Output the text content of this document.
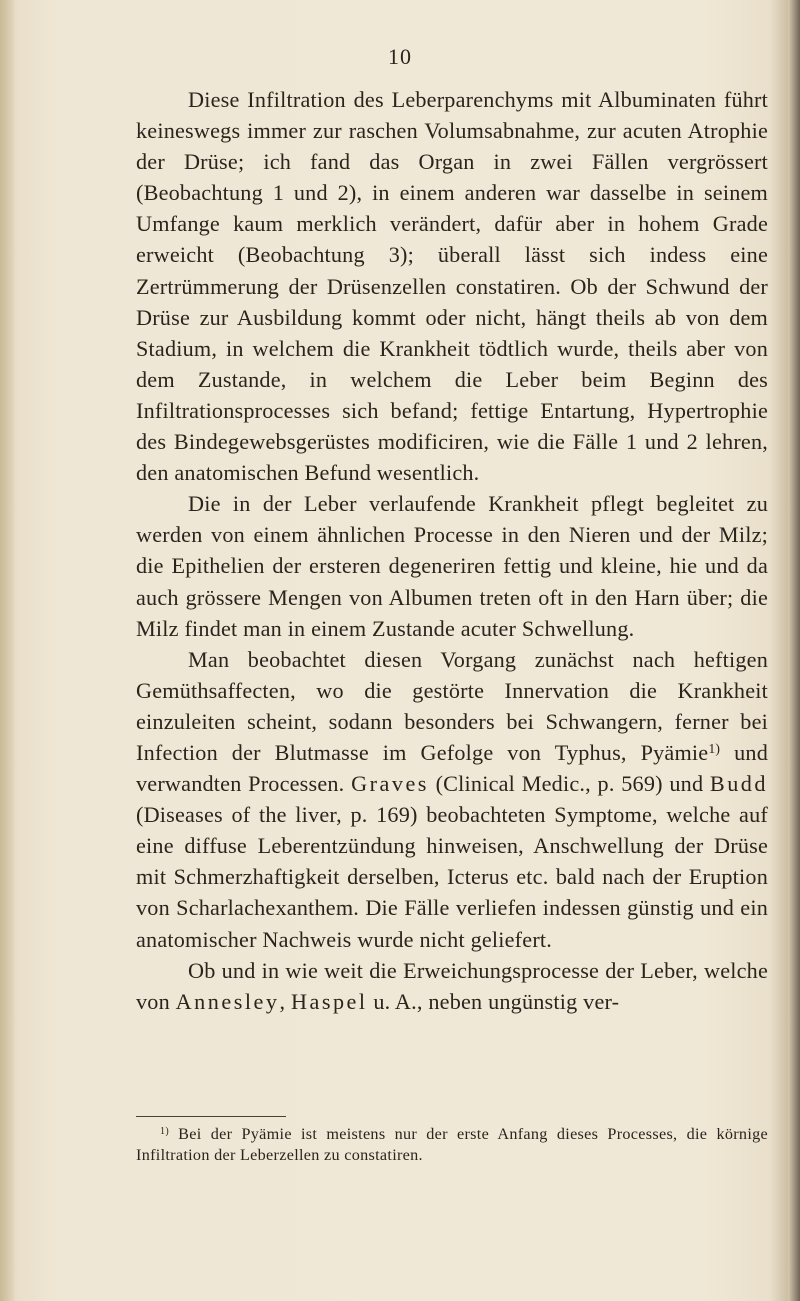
10

Diese Infiltration des Leberparenchyms mit Albuminaten führt keineswegs immer zur raschen Volumsabnahme, zur acuten Atrophie der Drüse; ich fand das Organ in zwei Fällen vergrössert (Beobachtung 1 und 2), in einem anderen war dasselbe in seinem Umfange kaum merklich verändert, dafür aber in hohem Grade erweicht (Beobachtung 3); überall lässt sich indess eine Zertrümmerung der Drüsenzellen constatiren. Ob der Schwund der Drüse zur Ausbildung kommt oder nicht, hängt theils ab von dem Stadium, in welchem die Krankheit tödtlich wurde, theils aber von dem Zustande, in welchem die Leber beim Beginn des Infiltrationsprocesses sich befand; fettige Entartung, Hypertrophie des Bindegewebsgerüstes modificiren, wie die Fälle 1 und 2 lehren, den anatomischen Befund wesentlich.

Die in der Leber verlaufende Krankheit pflegt begleitet zu werden von einem ähnlichen Processe in den Nieren und der Milz; die Epithelien der ersteren degeneriren fettig und kleine, hie und da auch grössere Mengen von Albumen treten oft in den Harn über; die Milz findet man in einem Zustande acuter Schwellung.

Man beobachtet diesen Vorgang zunächst nach heftigen Gemüthsaffecten, wo die gestörte Innervation die Krankheit einzuleiten scheint, sodann besonders bei Schwangern, ferner bei Infection der Blutmasse im Gefolge von Typhus, Pyämie$^{1)}$ und verwandten Processen. Graves (Clinical Medic., p. 569) und Budd (Diseases of the liver, p. 169) beobachteten Symptome, welche auf eine diffuse Leberentzündung hinweisen, Anschwellung der Drüse mit Schmerzhaftigkeit derselben, Icterus etc. bald nach der Eruption von Scharlachexanthem. Die Fälle verliefen indessen günstig und ein anatomischer Nachweis wurde nicht geliefert.

Ob und in wie weit die Erweichungsprocesse der Leber, welche von Annesley, Haspel u. A., neben ungünstig ver-

$^{1)}$ Bei der Pyämie ist meistens nur der erste Anfang dieses Processes, die körnige Infiltration der Leberzellen zu constatiren.
